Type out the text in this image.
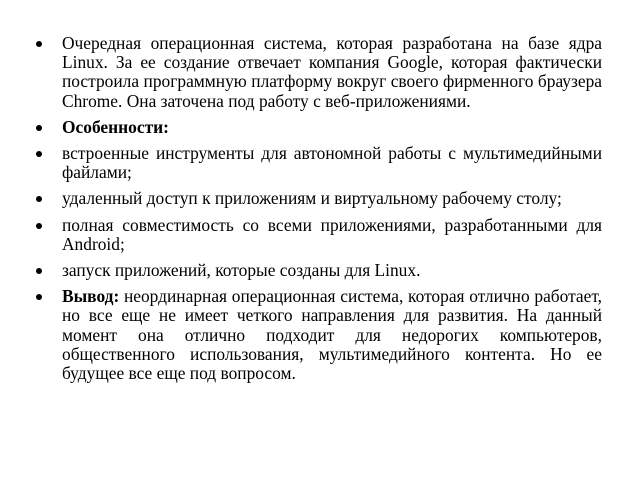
Очередная операционная система, которая разработана на базе ядра Linux. За ее создание отвечает компания Google, которая фактически построила программную платформу вокруг своего фирменного браузера Chrome. Она заточена под работу с веб-приложениями.
Особенности:
встроенные инструменты для автономной работы с мультимедийными файлами;
удаленный доступ к приложениям и виртуальному рабочему столу;
полная совместимость со всеми приложениями, разработанными для Android;
запуск приложений, которые созданы для Linux.
Вывод: неординарная операционная система, которая отлично работает, но все еще не имеет четкого направления для развития. На данный момент она отлично подходит для недорогих компьютеров, общественного использования, мультимедийного контента. Но ее будущее все еще под вопросом.
